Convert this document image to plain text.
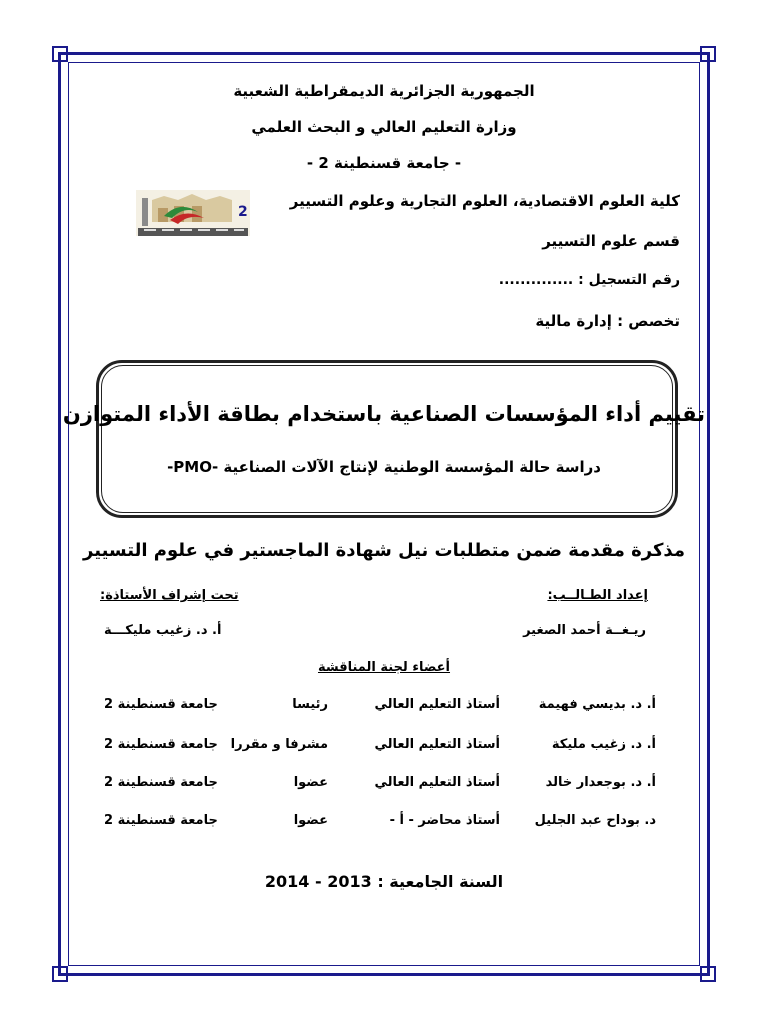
الجمهورية الجزائرية الديمقراطية الشعبية
وزارة التعليم العالي و البحث العلمي
- جامعة قسنطينة 2 -
كلية العلوم الاقتصادية، العلوم التجارية وعلوم التسيير
قسم علوم التسيير
رقم التسجيل : ..............
تخصص : إدارة مالية
2
تقييم أداء المؤسسات الصناعية باستخدام بطاقة الأداء المتوازن
دراسة حالة المؤسسة الوطنية لإنتاج الآلات الصناعية -PMO-
مذكرة مقدمة ضمن متطلبات نيل شهادة الماجستير في علوم التسيير
إعداد الطـالــب:
تحت إشراف الأستاذة:
ريـغــة أحمد الصغير
أ. د. زغيب مليكـــة
أعضاء لجنة المناقشة
أ. د. بديسي فهيمة
أستاذ التعليم العالي
رئيسا
جامعة قسنطينة 2
أ. د. زغيب مليكة
أستاذ التعليم العالي
مشرفا و مقررا
جامعة قسنطينة 2
أ. د. بوجعدار خالد
أستاذ التعليم العالي
عضوا
جامعة قسنطينة 2
د. بوداح عبد الجليل
أستاذ محاضر - أ -
عضوا
جامعة قسنطينة 2
السنة الجامعية : 2013 - 2014
